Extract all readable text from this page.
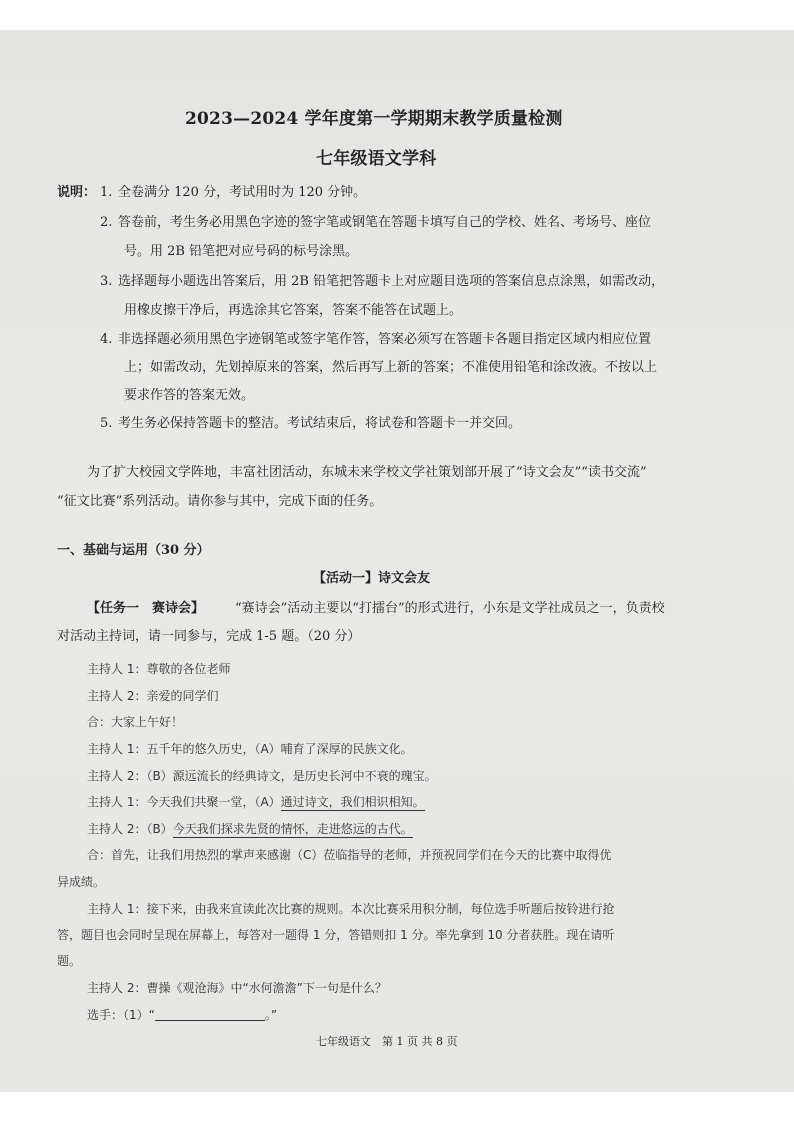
2023—2024 学年度第一学期期末教学质量检测
七年级语文学科
说明： 1. 全卷满分 120 分，考试用时为 120 分钟。
2. 答卷前，考生务必用黑色字迹的签字笔或钢笔在答题卡填写自己的学校、姓名、考场号、座位
号。用 2B 铅笔把对应号码的标号涂黑。
3. 选择题每小题选出答案后，用 2B 铅笔把答题卡上对应题目选项的答案信息点涂黑，如需改动，
用橡皮擦干净后，再选涂其它答案，答案不能答在试题上。
4. 非选择题必须用黑色字迹钢笔或签字笔作答，答案必须写在答题卡各题目指定区域内相应位置
上；如需改动，先划掉原来的答案，然后再写上新的答案；不准使用铅笔和涂改液。不按以上
要求作答的答案无效。
5. 考生务必保持答题卡的整洁。考试结束后，将试卷和答题卡一并交回。
为了扩大校园文学阵地，丰富社团活动，东城未来学校文学社策划部开展了“诗文会友”“读书交流”
“征文比赛”系列活动。请你参与其中，完成下面的任务。
一、基础与运用（30 分）
【活动一】诗文会友
【任务一　赛诗会】 “赛诗会”活动主要以“打擂台”的形式进行，小东是文学社成员之一，负责校
对活动主持词，请一同参与，完成 1-5 题。（20 分）
主持人 1：尊敬的各位老师
主持人 2：亲爱的同学们
合：大家上午好！
主持人 1：五千年的悠久历史，（A）哺育了深厚的民族文化。
主持人 2：（B）源远流长的经典诗文，是历史长河中不衰的瑰宝。
主持人 1：今天我们共聚一堂，（A）通过诗文，我们相识相知。
主持人 2：（B）今天我们探求先贤的情怀，走进悠远的古代。
合：首先，让我们用热烈的掌声来感谢（C）莅临指导的老师，并预祝同学们在今天的比赛中取得优
异成绩。
主持人 1：接下来，由我来宣读此次比赛的规则。本次比赛采用积分制，每位选手听题后按铃进行抢
答，题目也会同时呈现在屏幕上，每答对一题得 1 分，答错则扣 1 分。率先拿到 10 分者获胜。现在请听
题。
主持人 2：曹操《观沧海》中“水何澹澹”下一句是什么？
选手：（1）“	。”
七年级语文　第 1 页 共 8 页
